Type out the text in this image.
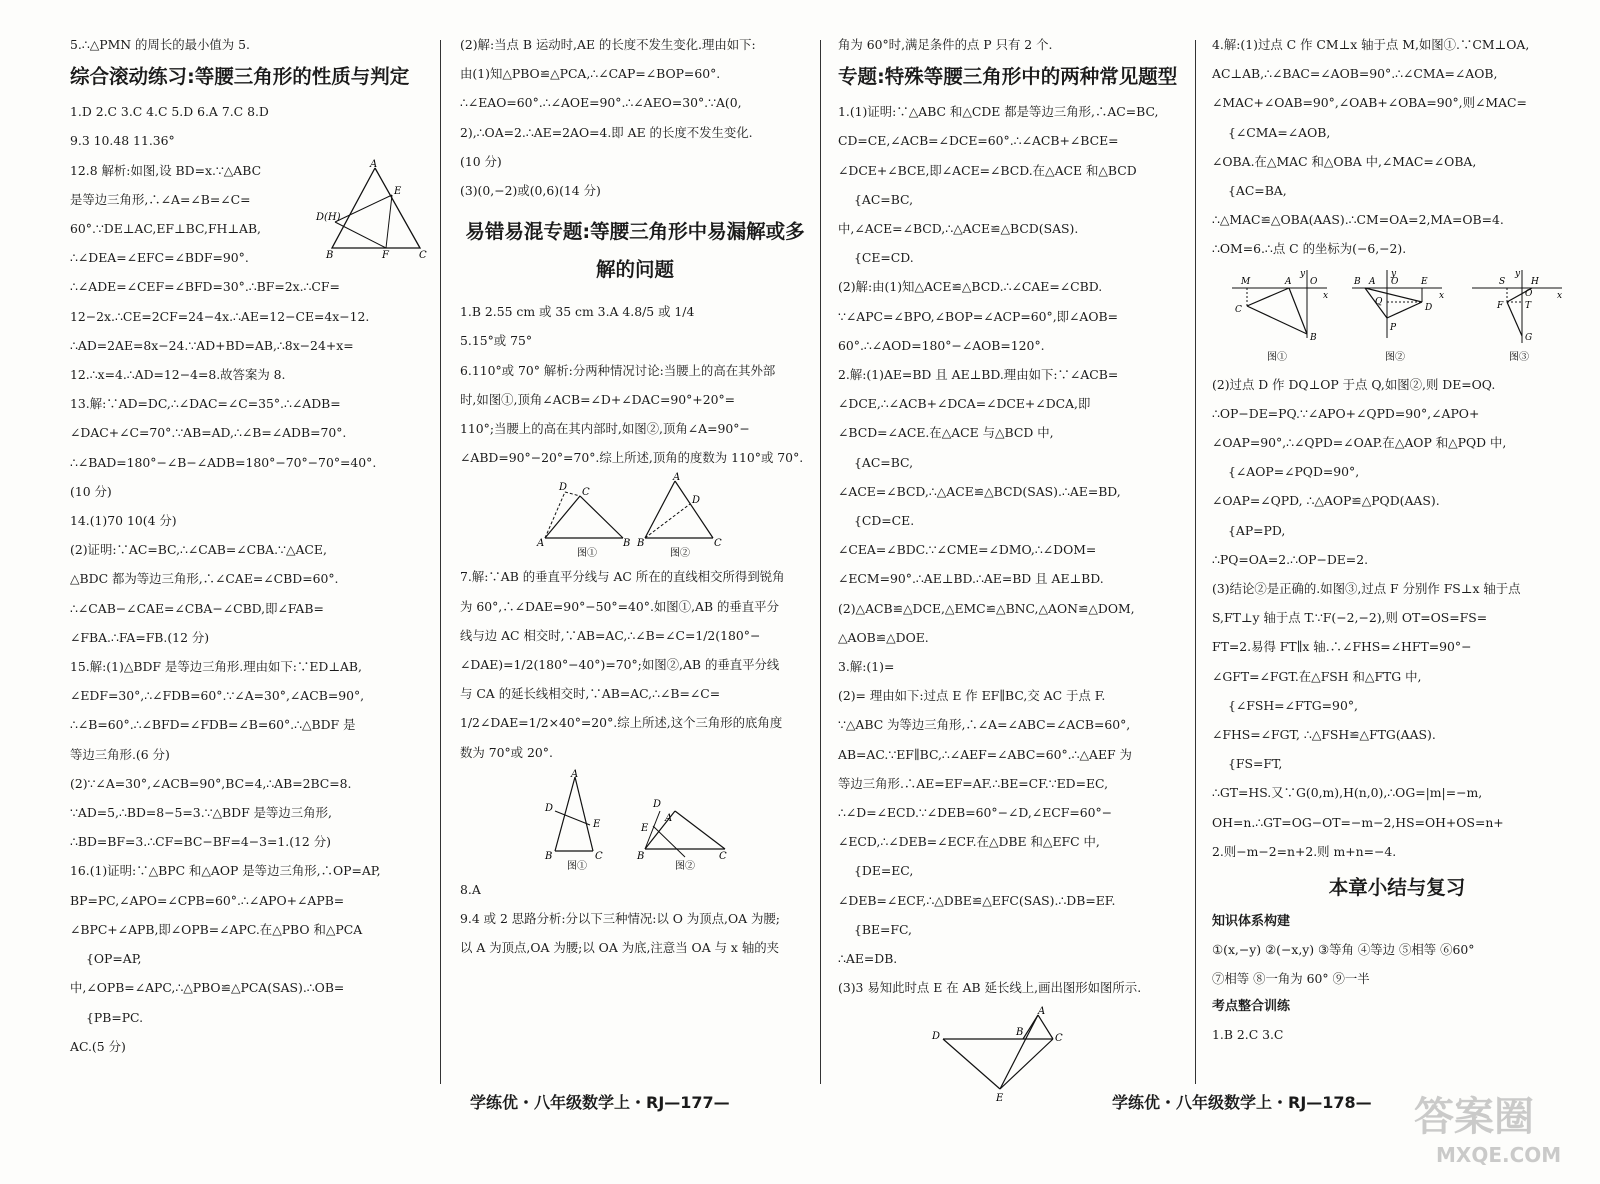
5.∴△PMN 的周长的最小值为 5.
综合滚动练习:等腰三角形的性质与判定
1.D 2.C 3.C 4.C 5.D 6.A 7.C 8.D
9.3 10.48 11.36°
A
E
D(H)
B	F	C
12.8 解析:如图,设 BD=x.∵△ABC
是等边三角形,∴∠A=∠B=∠C=
60°.∵DE⊥AC,EF⊥BC,FH⊥AB,
∴∠DEA=∠EFC=∠BDF=90°.
∴∠ADE=∠CEF=∠BFD=30°.∴BF=2x.∴CF=
12−2x.∴CE=2CF=24−4x.∴AE=12−CE=4x−12.
∴AD=2AE=8x−24.∵AD+BD=AB,∴8x−24+x=
12.∴x=4.∴AD=12−4=8.故答案为 8.
13.解:∵AD=DC,∴∠DAC=∠C=35°.∴∠ADB=
∠DAC+∠C=70°.∵AB=AD,∴∠B=∠ADB=70°.
∴∠BAD=180°−∠B−∠ADB=180°−70°−70°=40°.
(10 分)
14.(1)70 10(4 分)
(2)证明:∵AC=BC,∴∠CAB=∠CBA.∵△ACE,
△BDC 都为等边三角形,∴∠CAE=∠CBD=60°.
∴∠CAB−∠CAE=∠CBA−∠CBD,即∠FAB=
∠FBA.∴FA=FB.(12 分)
15.解:(1)△BDF 是等边三角形.理由如下:∵ED⊥AB,
∠EDF=30°,∴∠FDB=60°.∵∠A=30°,∠ACB=90°,
∴∠B=60°.∴∠BFD=∠FDB=∠B=60°.∴△BDF 是
等边三角形.(6 分)
(2)∵∠A=30°,∠ACB=90°,BC=4,∴AB=2BC=8.
∵AD=5,∴BD=8−5=3.∵△BDF 是等边三角形,
∴BD=BF=3.∴CF=BC−BF=4−3=1.(12 分)
16.(1)证明:∵△BPC 和△AOP 是等边三角形,∴OP=AP,
BP=PC,∠APO=∠CPB=60°.∴∠APO+∠APB=
∠BPC+∠APB,即∠OPB=∠APC.在△PBO 和△PCA
{OP=AP,
中,∠OPB=∠APC,∴△PBO≌△PCA(SAS).∴OB=
{PB=PC.
AC.(5 分)
(2)解:当点 B 运动时,AE 的长度不发生变化.理由如下:
由(1)知△PBO≌△PCA,∴∠CAP=∠BOP=60°.
∴∠EAO=60°.∴∠AOE=90°.∴∠AEO=30°.∵A(0,
2),∴OA=2.∴AE=2AO=4.即 AE 的长度不发生变化.
(10 分)
(3)(0,−2)或(0,6)(14 分)
易错易混专题:等腰三角形中易漏解或多解的问题
1.B 2.55 cm 或 35 cm 3.A 4.8/5 或 1/4
5.15°或 75°
6.110°或 70° 解析:分两种情况讨论:当腰上的高在其外部
时,如图①,顶角∠ACB=∠D+∠DAC=90°+20°=
110°;当腰上的高在其内部时,如图②,顶角∠A=90°−
∠ABD=90°−20°=70°.综上所述,顶角的度数为 110°或 70°.
D C
A	B
A
D
B	C
图①	图②
7.解:∵AB 的垂直平分线与 AC 所在的直线相交所得到锐角
为 60°,∴∠DAE=90°−50°=40°.如图①,AB 的垂直平分
线与边 AC 相交时,∵AB=AC,∴∠B=∠C=1/2(180°−
∠DAE)=1/2(180°−40°)=70°;如图②,AB 的垂直平分线
与 CA 的延长线相交时,∵AB=AC,∴∠B=∠C=
1/2∠DAE=1/2×40°=20°.综上所述,这个三角形的底角度
数为 70°或 20°.
A
D
E
B	C
A
D
E
B	C
图①	图②
8.A
9.4 或 2 思路分析:分以下三种情况:以 O 为顶点,OA 为腰;
以 A 为顶点,OA 为腰;以 OA 为底,注意当 OA 与 x 轴的夹
角为 60°时,满足条件的点 P 只有 2 个.
专题:特殊等腰三角形中的两种常见题型
1.(1)证明:∵△ABC 和△CDE 都是等边三角形,∴AC=BC,
CD=CE,∠ACB=∠DCE=60°.∴∠ACB+∠BCE=
∠DCE+∠BCE,即∠ACE=∠BCD.在△ACE 和△BCD
{AC=BC,
中,∠ACE=∠BCD,∴△ACE≌△BCD(SAS).
{CE=CD.
(2)解:由(1)知△ACE≌△BCD.∴∠CAE=∠CBD.
∵∠APC=∠BPO,∠BOP=∠ACP=60°,即∠AOB=
60°.∴∠AOD=180°−∠AOB=120°.
2.解:(1)AE=BD 且 AE⊥BD.理由如下:∵∠ACB=
∠DCE,∴∠ACB+∠DCA=∠DCE+∠DCA,即
∠BCD=∠ACE.在△ACE 与△BCD 中,
{AC=BC,
∠ACE=∠BCD,∴△ACE≌△BCD(SAS).∴AE=BD,
{CD=CE.
∠CEA=∠BDC.∵∠CME=∠DMO,∴∠DOM=
∠ECM=90°.∴AE⊥BD.∴AE=BD 且 AE⊥BD.
(2)△ACB≌△DCE,△EMC≌△BNC,△AON≌△DOM,
△AOB≌△DOE.
3.解:(1)=
(2)= 理由如下:过点 E 作 EF∥BC,交 AC 于点 F.
∵△ABC 为等边三角形,∴∠A=∠ABC=∠ACB=60°,
AB=AC.∵EF∥BC,∴∠AEF=∠ABC=60°.∴△AEF 为
等边三角形.∴AE=EF=AF.∴BE=CF.∵ED=EC,
∴∠D=∠ECD.∵∠DEB=60°−∠D,∠ECF=60°−
∠ECD,∴∠DEB=∠ECF.在△DBE 和△EFC 中,
{DE=EC,
∠DEB=∠ECF,∴△DBE≌△EFC(SAS).∴DB=EF.
{BE=FC,
∴AE=DB.
(3)3 易知此时点 E 在 AB 延长线上,画出图形如图所示.
A
D	B
C
E
4.解:(1)过点 C 作 CM⊥x 轴于点 M,如图①.∵CM⊥OA,
AC⊥AB,∴∠BAC=∠AOB=90°.∴∠CMA=∠AOB,
∠MAC+∠OAB=90°,∠OAB+∠OBA=90°,则∠MAC=
{∠CMA=∠AOB,
∠OBA.在△MAC 和△OBA 中,∠MAC=∠OBA,
{AC=BA,
∴△MAC≌△OBA(AAS).∴CM=OA=2,MA=OB=4.
∴OM=6.∴点 C 的坐标为(−6,−2).
M	A
y
O
x
C
B
图①
B A
y
O	E
x
Q
D
P
图②
S
y
H
O	x
F T
G
图③
(2)过点 D 作 DQ⊥OP 于点 Q,如图②,则 DE=OQ.
∴OP−DE=PQ.∵∠APO+∠QPD=90°,∠APO+
∠OAP=90°,∴∠QPD=∠OAP.在△AOP 和△PQD 中,
{∠AOP=∠PQD=90°,
∠OAP=∠QPD, ∴△AOP≌△PQD(AAS).
{AP=PD,
∴PQ=OA=2.∴OP−DE=2.
(3)结论②是正确的.如图③,过点 F 分别作 FS⊥x 轴于点
S,FT⊥y 轴于点 T.∵F(−2,−2),则 OT=OS=FS=
FT=2.易得 FT∥x 轴.∴∠FHS=∠HFT=90°−
∠GFT=∠FGT.在△FSH 和△FTG 中,
{∠FSH=∠FTG=90°,
∠FHS=∠FGT, ∴△FSH≌△FTG(AAS).
{FS=FT,
∴GT=HS.又∵G(0,m),H(n,0),∴OG=|m|=−m,
OH=n.∴GT=OG−OT=−m−2,HS=OH+OS=n+
2.则−m−2=n+2.则 m+n=−4.
本章小结与复习
知识体系构建
①(x,−y) ②(−x,y) ③等角 ④等边 ⑤相等 ⑥60°
⑦相等 ⑧一角为 60° ⑨一半
考点整合训练
1.B 2.C 3.C
学练优・八年级数学上・RJ—177—	学练优・八年级数学上・RJ—178— 答案圈
MXQE.COM
